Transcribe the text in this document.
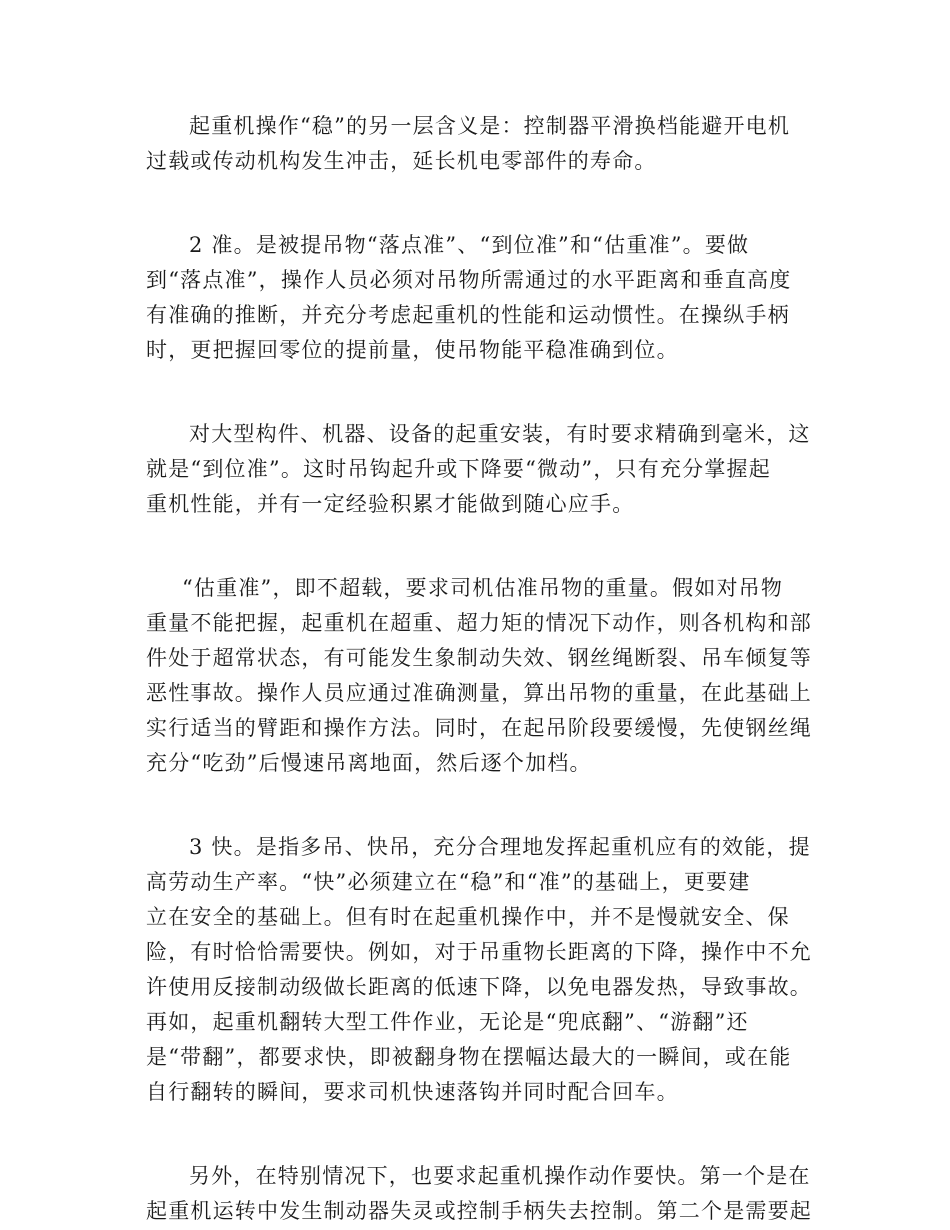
起重机操作“稳”的另一层含义是：控制器平滑换档能避开电机

过载或传动机构发生冲击，延长机电零部件的寿命。

2 准。是被提吊物“落点准”、“到位准”和“估重准”。要做

到“落点准”，操作人员必须对吊物所需通过的水平距离和垂直高度

有准确的推断，并充分考虑起重机的性能和运动惯性。在操纵手柄

时，更把握回零位的提前量，使吊物能平稳准确到位。

对大型构件、机器、设备的起重安装，有时要求精确到毫米，这

就是“到位准”。这时吊钩起升或下降要“微动”，只有充分掌握起

重机性能，并有一定经验积累才能做到随心应手。

“估重准”，即不超载，要求司机估准吊物的重量。假如对吊物

重量不能把握，起重机在超重、超力矩的情况下动作，则各机构和部

件处于超常状态，有可能发生象制动失效、钢丝绳断裂、吊车倾复等

恶性事故。操作人员应通过准确测量，算出吊物的重量，在此基础上

实行适当的臂距和操作方法。同时，在起吊阶段要缓慢，先使钢丝绳

充分“吃劲”后慢速吊离地面，然后逐个加档。

3 快。是指多吊、快吊，充分合理地发挥起重机应有的效能，提

高劳动生产率。“快”必须建立在“稳”和“准”的基础上，更要建

立在安全的基础上。但有时在起重机操作中，并不是慢就安全、保

险，有时恰恰需要快。例如，对于吊重物长距离的下降，操作中不允

许使用反接制动级做长距离的低速下降，以免电器发热，导致事故。

再如，起重机翻转大型工件作业，无论是“兜底翻”、“游翻”还

是“带翻”，都要求快，即被翻身物在摆幅达最大的一瞬间，或在能

自行翻转的瞬间，要求司机快速落钩并同时配合回车。

另外，在特别情况下，也要求起重机操作动作要快。第一个是在

起重机运转中发生制动器失灵或控制手柄失去控制。第二个是需要起
